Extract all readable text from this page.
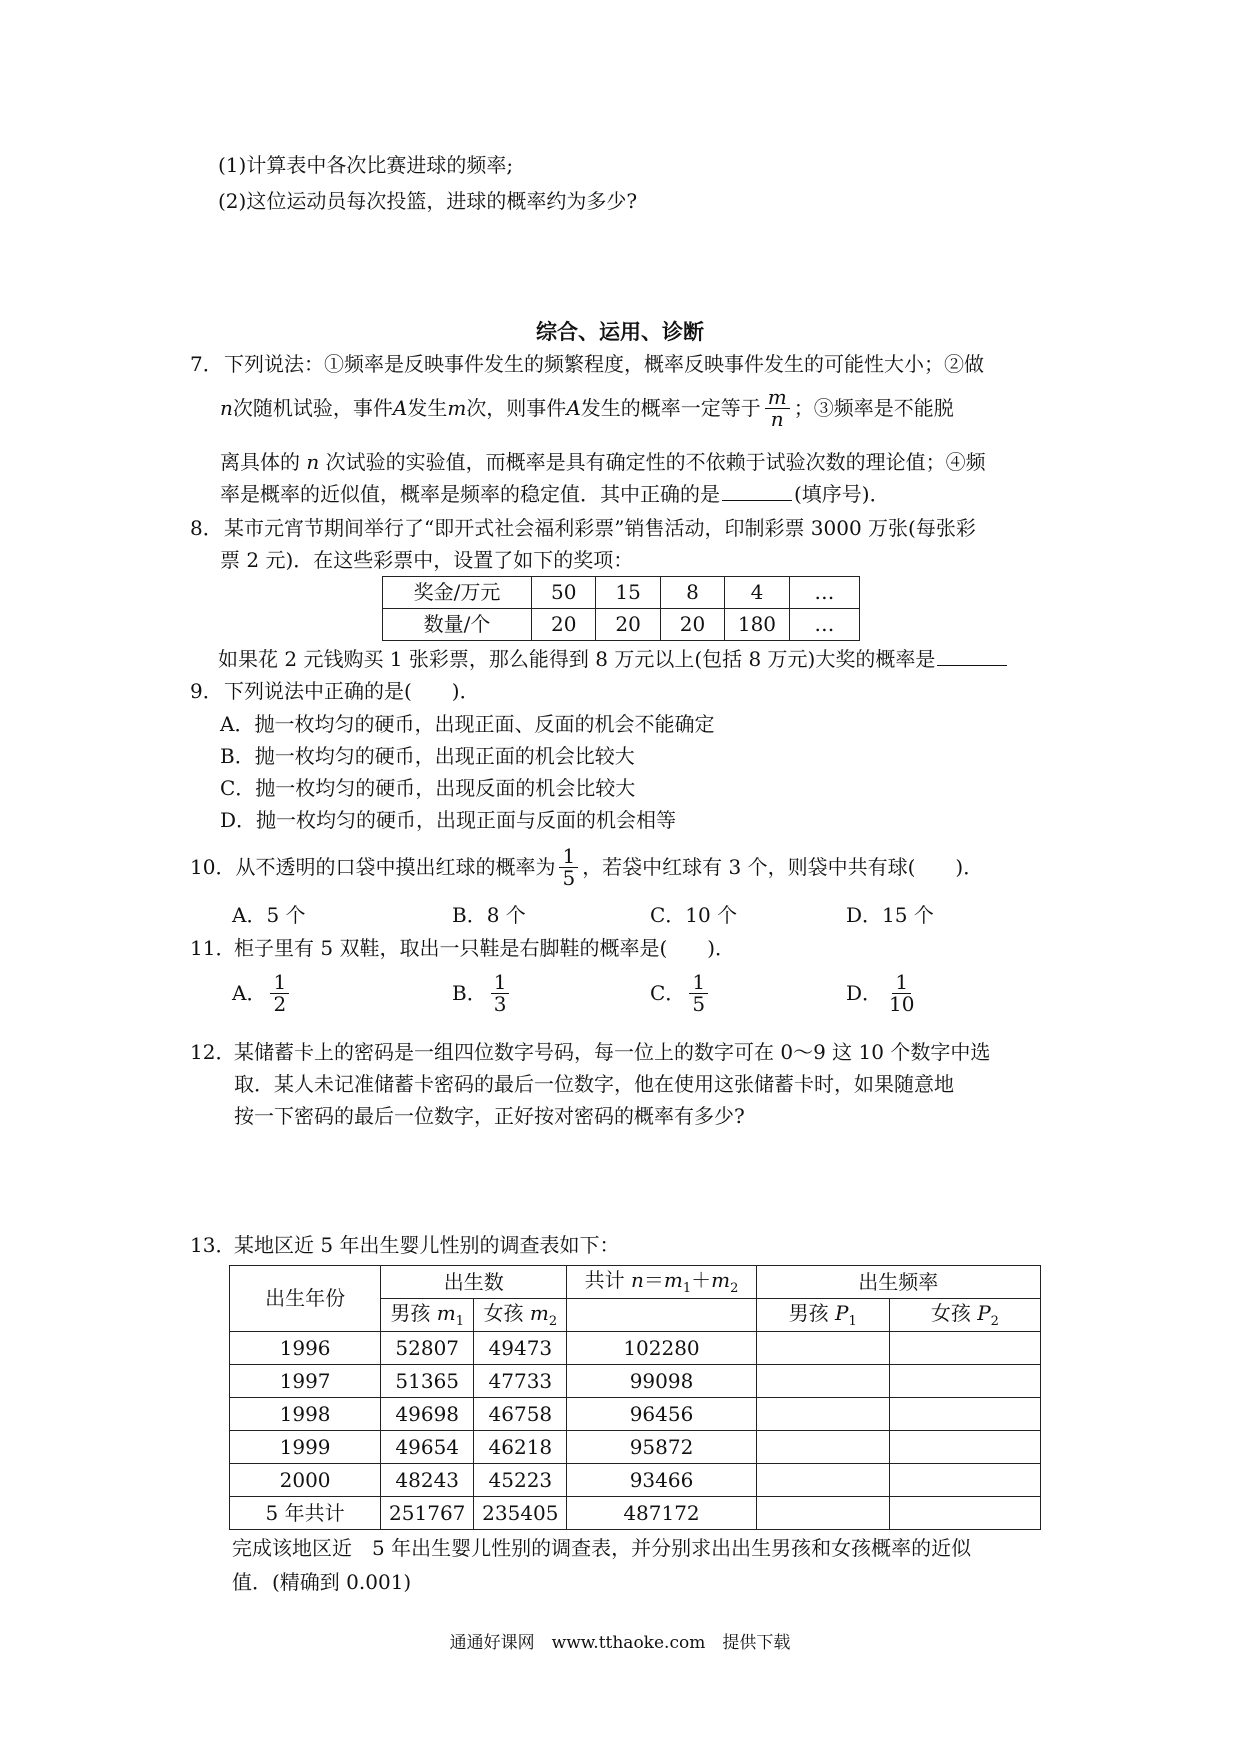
(1)计算表中各次比赛进球的频率;
(2)这位运动员每次投篮，进球的概率约为多少?
综合、运用、诊断
7． 下列说法：①频率是反映事件发生的频繁程度，概率反映事件发生的可能性大小；②做
n 次随机试验，事件 A 发生 m 次，则事件 A 发生的概率一定等于 $\frac{m}{n}$ ；③频率是不能脱
离具体的 n 次试验的实验值，而概率是具有确定性的不依赖于试验次数的理论值；④频
率是概率的近似值，概率是频率的稳定值．其中正确的是	(填序号)．
8． 某市元宵节期间举行了“即开式社会福利彩票”销售活动，印制彩票 3000 万张(每张彩
票 2 元)．在这些彩票中，设置了如下的奖项：
奖金/万元	50	15	8	4	…
数量/个	20	20	20	180	…
如果花 2 元钱购买 1 张彩票，那么能得到 8 万元以上(包括 8 万元)大奖的概率是
9． 下列说法中正确的是(　　)．
A．抛一枚均匀的硬币，出现正面、反面的机会不能确定
B．抛一枚均匀的硬币，出现正面的机会比较大
C．抛一枚均匀的硬币，出现反面的机会比较大
D．抛一枚均匀的硬币，出现正面与反面的机会相等
10． 从不透明的口袋中摸出红球的概率为 $\frac{1}{5}$ ，若袋中红球有 3 个，则袋中共有球(　　)．
A．5 个	B．8 个	C．10 个	D．15 个
11．
柜子里有 5 双鞋，取出一只鞋是右脚鞋的概率是(　　)．
A． $\frac{1}{2}$	B． $\frac{1}{3}$	C． $\frac{1}{5}$	D． $\frac{1}{10}$
12．
某储蓄卡上的密码是一组四位数字号码，每一位上的数字可在 0～9 这 10 个数字中选
取．某人未记准储蓄卡密码的最后一位数字，他在使用这张储蓄卡时，如果随意地
按一下密码的最后一位数字，正好按对密码的概率有多少?
13．
某地区近 5 年出生婴儿性别的调查表如下：
出生年份	出生数		共计 $n=m_1+m_2$	出生频率	
	男孩 $m_1$	女孩 $m_2$		男孩 $P_1$	女孩 $P_2$
1996	52807	49473	102280		
1997	51365	47733	99098		
1998	49698	46758	96456		
1999	49654	46218	95872		
2000	48243	45223	93466		
5 年共计	251767	235405	487172		
完成该地区近　5 年出生婴儿性别的调查表，并分别求出出生男孩和女孩概率的近似
值．(精确到 0.001)
通通好课网　www.tthaoke.com　提供下载
